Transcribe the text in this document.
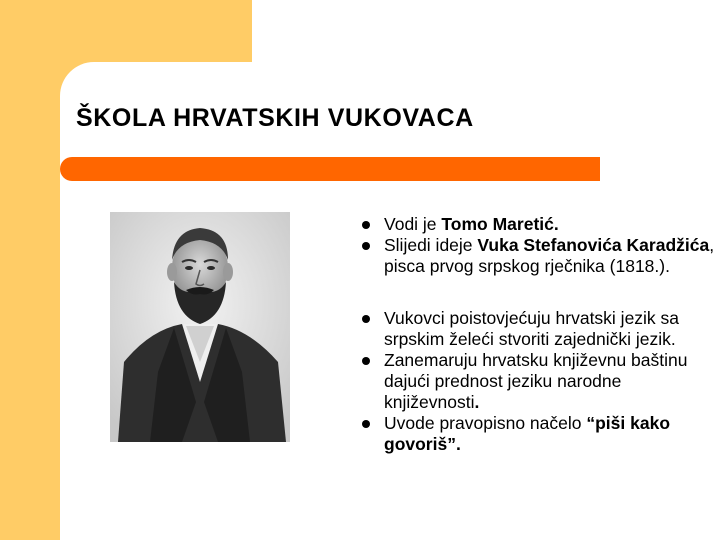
ŠKOLA HRVATSKIH VUKOVACA
Vodi je Tomo Maretić.
Slijedi ideje Vuka Stefanovića Karadžića, pisca prvog srpskog rječnika (1818.).
Vukovci poistovjećuju hrvatski jezik sa srpskim želeći stvoriti zajednički jezik.
Zanemaruju hrvatsku književnu baštinu dajući prednost jeziku narodne književnosti.
Uvode pravopisno načelo “piši kako govoriš”.
